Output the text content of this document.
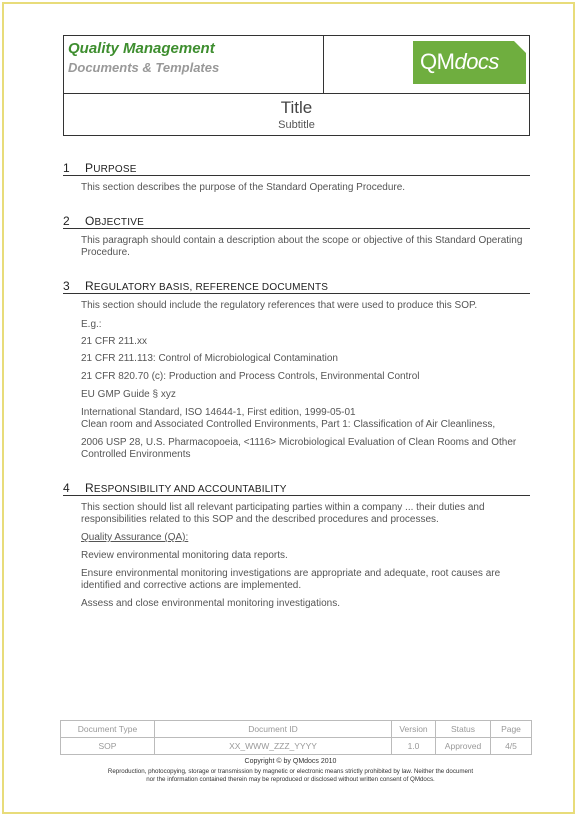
Quality Management
Documents & Templates	QMdocs
Title
Subtitle
1 PURPOSE
This section describes the purpose of the Standard Operating Procedure.
2 OBJECTIVE
This paragraph should contain a description about the scope or objective of this Standard Operating Procedure.
3 REGULATORY BASIS, REFERENCE DOCUMENTS
This section should include the regulatory references that were used to produce this SOP.
E.g.:
21 CFR 211.xx
21 CFR 211.113: Control of Microbiological Contamination
21 CFR 820.70 (c): Production and Process Controls, Environmental Control
EU GMP Guide § xyz
International Standard, ISO 14644-1, First edition, 1999-05-01
Clean room and Associated Controlled Environments, Part 1: Classification of Air Cleanliness,
2006 USP 28, U.S. Pharmacopoeia, <1116> Microbiological Evaluation of Clean Rooms and Other Controlled Environments
4 RESPONSIBILITY AND ACCOUNTABILITY
This section should list all relevant participating parties within a company ... their duties and responsibilities related to this SOP and the described procedures and processes.
Quality Assurance (QA):
Review environmental monitoring data reports.
Ensure environmental monitoring investigations are appropriate and adequate, root causes are identified and corrective actions are implemented.
Assess and close environmental monitoring investigations.
Document Type	Document ID	Version	Status	Page
SOP	XX_WWW_ZZZ_YYYY	1.0	Approved	4/5
Copyright © by QMdocs 2010
Reproduction, photocopying, storage or transmission by magnetic or electronic means strictly prohibited by law. Neither the document
nor the information contained therein may be reproduced or disclosed without written consent of QMdocs.
